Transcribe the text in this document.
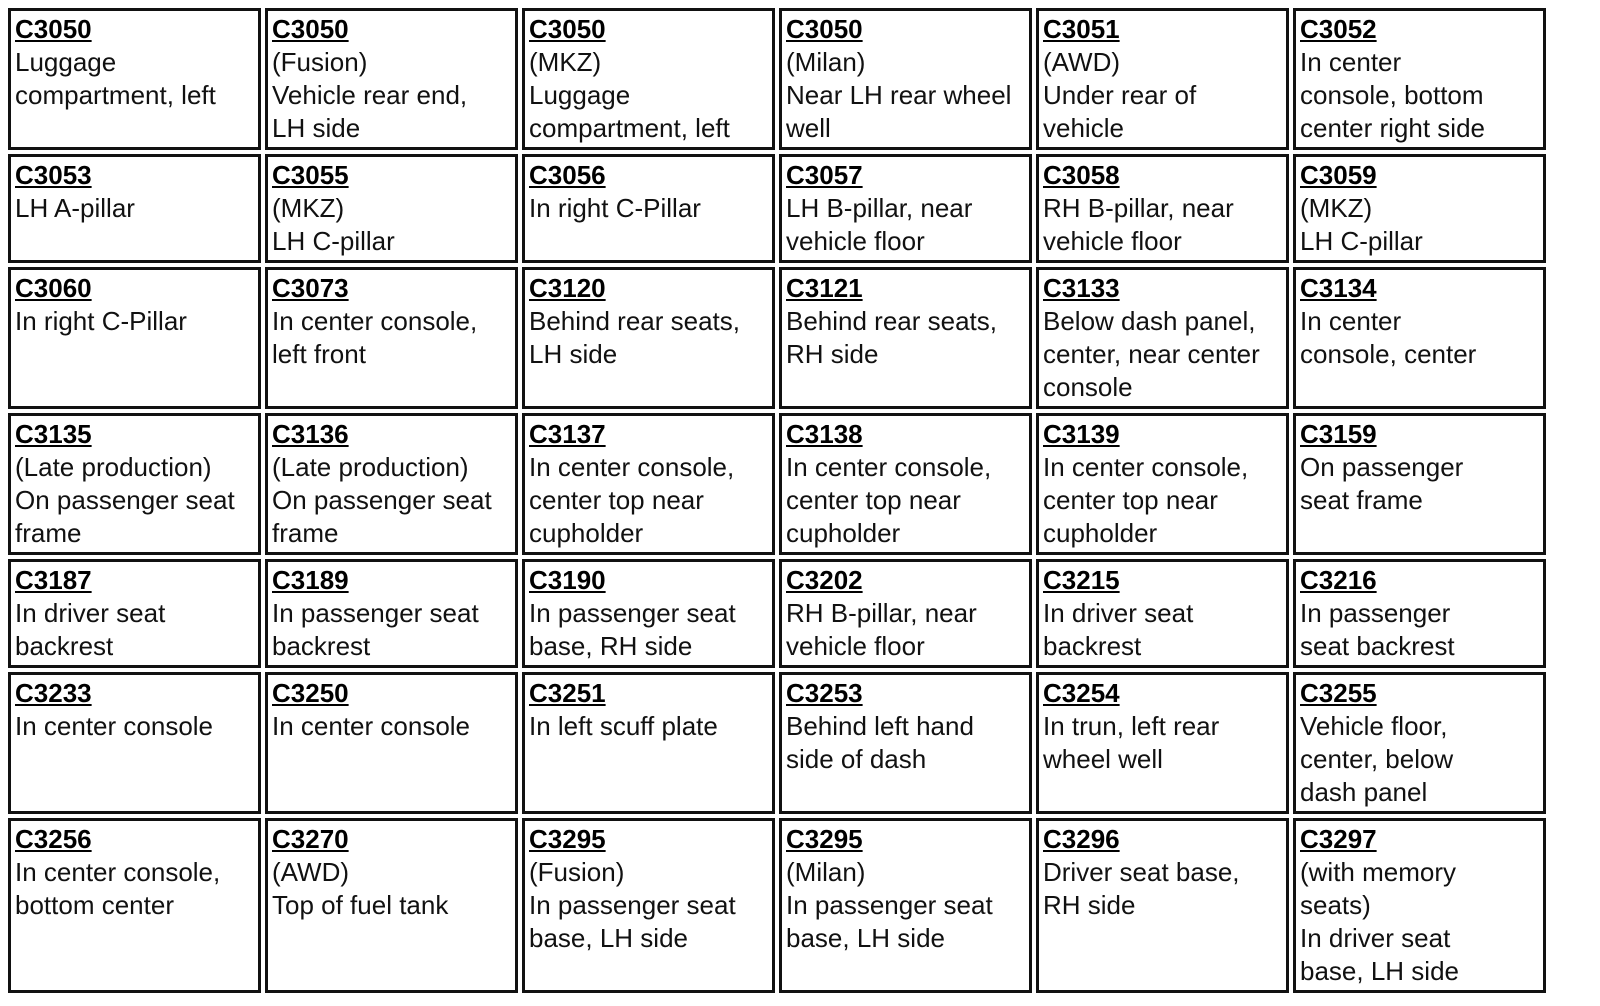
C3050
Luggage
compartment, left	C3050
(Fusion)
Vehicle rear end,
LH side	C3050
(MKZ)
Luggage
compartment, left	C3050
(Milan)
Near LH rear wheel
well	C3051
(AWD)
Under rear of
vehicle	C3052
In center
console, bottom
center right side

C3053
LH A-pillar	C3055
(MKZ)
LH C-pillar	C3056
In right C-Pillar	C3057
LH B-pillar, near
vehicle floor	C3058
RH B-pillar, near
vehicle floor	C3059
(MKZ)
LH C-pillar

C3060
In right C-Pillar	C3073
In center console,
left front	C3120
Behind rear seats,
LH side	C3121
Behind rear seats,
RH side	C3133
Below dash panel,
center, near center
console	C3134
In center
console, center

C3135
(Late production)
On passenger seat
frame	C3136
(Late production)
On passenger seat
frame	C3137
In center console,
center top near
cupholder	C3138
In center console,
center top near
cupholder	C3139
In center console,
center top near
cupholder	C3159
On passenger
seat frame

C3187
In driver seat
backrest	C3189
In passenger seat
backrest	C3190
In passenger seat
base, RH side	C3202
RH B-pillar, near
vehicle floor	C3215
In driver seat
backrest	C3216
In passenger
seat backrest

C3233
In center console	C3250
In center console	C3251
In left scuff plate	C3253
Behind left hand
side of dash	C3254
In trun, left rear
wheel well	C3255
Vehicle floor,
center, below
dash panel

C3256
In center console,
bottom center	C3270
(AWD)
Top of fuel tank	C3295
(Fusion)
In passenger seat
base, LH side	C3295
(Milan)
In passenger seat
base, LH side	C3296
Driver seat base,
RH side	C3297
(with memory
seats)
In driver seat
base, LH side
